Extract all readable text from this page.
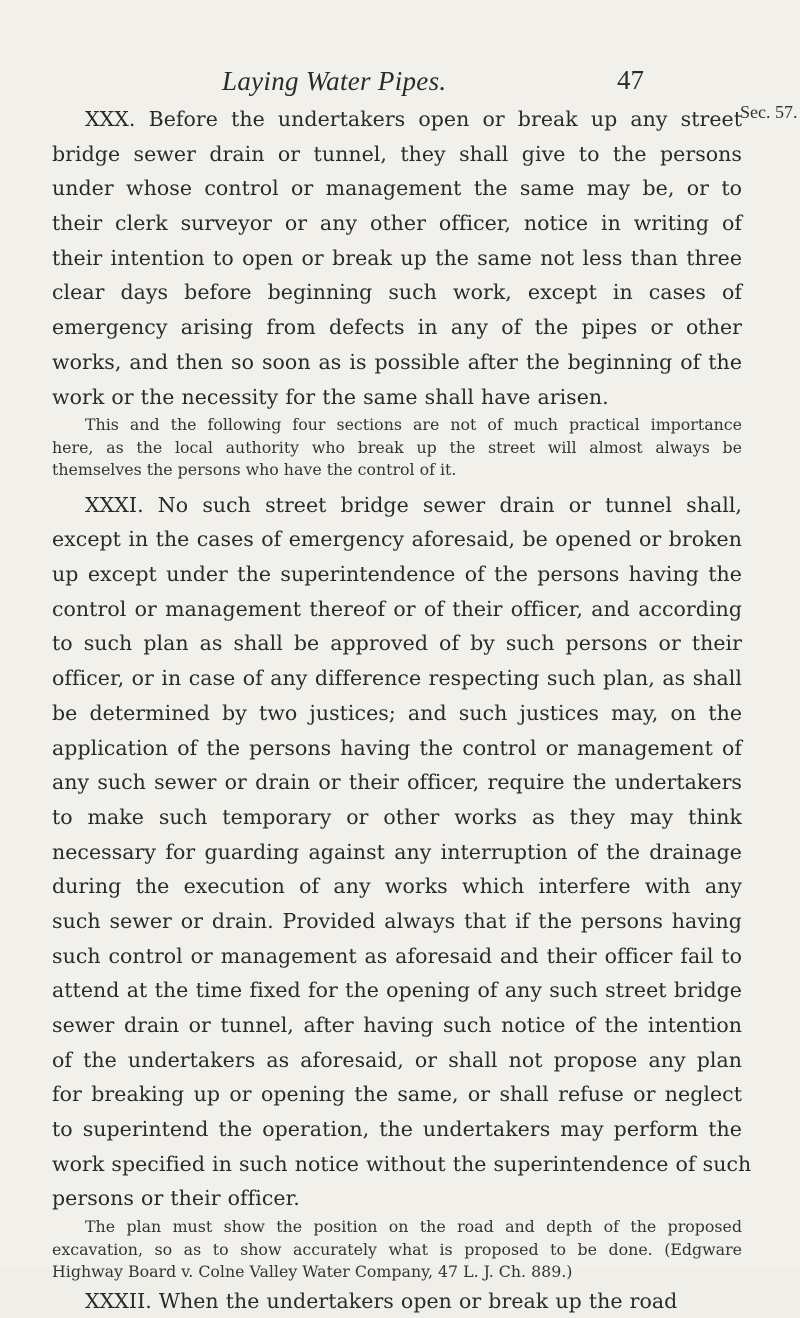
Laying Water Pipes.	47
Sec. 57.
XXX. Before the undertakers open or break up any street
bridge sewer drain or tunnel, they shall give to the persons
under whose control or management the same may be, or to
their clerk surveyor or any other officer, notice in writing of
their intention to open or break up the same not less than three
clear days before beginning such work, except in cases of
emergency arising from defects in any of the pipes or other
works, and then so soon as is possible after the beginning of the
work or the necessity for the same shall have arisen.
This and the following four sections are not of much practical importance
here, as the local authority who break up the street will almost always be
themselves the persons who have the control of it.
XXXI. No such street bridge sewer drain or tunnel shall,
except in the cases of emergency aforesaid, be opened or broken
up except under the superintendence of the persons having the
control or management thereof or of their officer, and according
to such plan as shall be approved of by such persons or their
officer, or in case of any difference respecting such plan, as shall
be determined by two justices; and such justices may, on the
application of the persons having the control or management of
any such sewer or drain or their officer, require the undertakers
to make such temporary or other works as they may think
necessary for guarding against any interruption of the drainage
during the execution of any works which interfere with any
such sewer or drain. Provided always that if the persons having
such control or management as aforesaid and their officer fail to
attend at the time fixed for the opening of any such street bridge
sewer drain or tunnel, after having such notice of the intention
of the undertakers as aforesaid, or shall not propose any plan
for breaking up or opening the same, or shall refuse or neglect
to superintend the operation, the undertakers may perform the
work specified in such notice without the superintendence of such
persons or their officer.
The plan must show the position on the road and depth of the proposed
excavation, so as to show accurately what is proposed to be done. (Edgware
Highway Board v. Colne Valley Water Company, 47 L. J. Ch. 889.)
XXXII. When the undertakers open or break up the road
